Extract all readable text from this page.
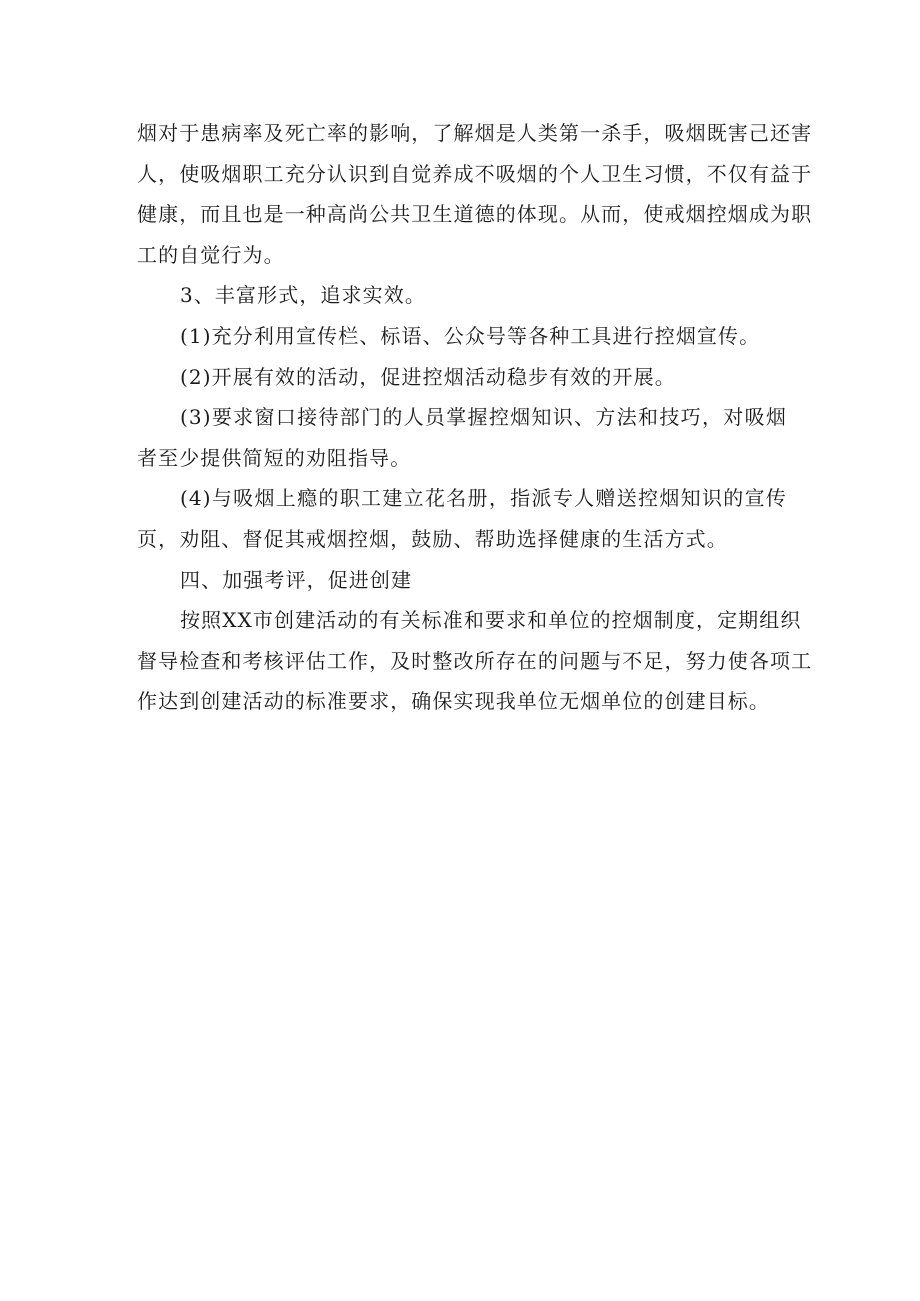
烟对于患病率及死亡率的影响，了解烟是人类第一杀手，吸烟既害己还害
人，使吸烟职工充分认识到自觉养成不吸烟的个人卫生习惯，不仅有益于
健康，而且也是一种高尚公共卫生道德的体现。从而，使戒烟控烟成为职
工的自觉行为。

3、丰富形式，追求实效。

(1)充分利用宣传栏、标语、公众号等各种工具进行控烟宣传。

(2)开展有效的活动，促进控烟活动稳步有效的开展。

(3)要求窗口接待部门的人员掌握控烟知识、方法和技巧，对吸烟
者至少提供简短的劝阻指导。

(4)与吸烟上瘾的职工建立花名册，指派专人赠送控烟知识的宣传
页，劝阻、督促其戒烟控烟，鼓励、帮助选择健康的生活方式。

四、加强考评，促进创建

按照XX市创建活动的有关标准和要求和单位的控烟制度，定期组织
督导检查和考核评估工作，及时整改所存在的问题与不足，努力使各项工
作达到创建活动的标准要求，确保实现我单位无烟单位的创建目标。
